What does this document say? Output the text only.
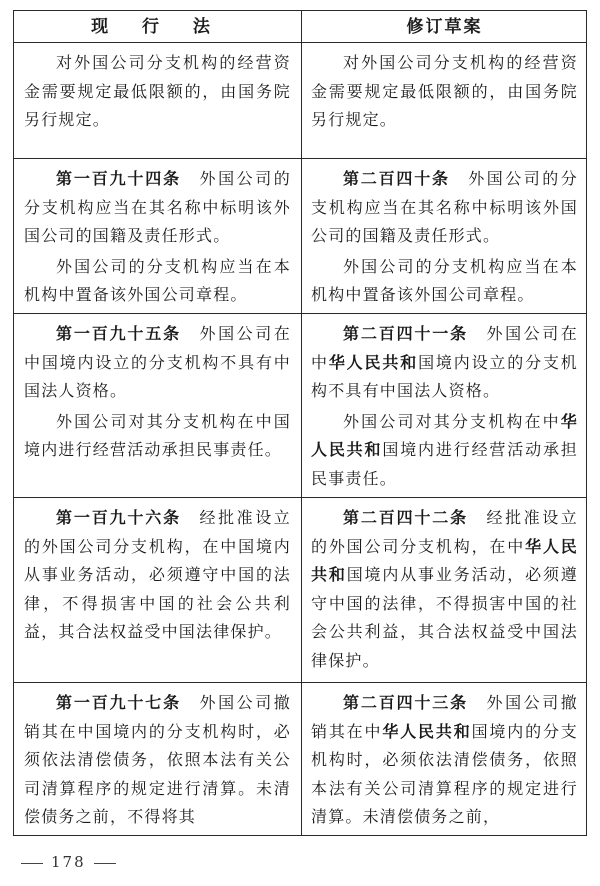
现 行 法	修订草案

对外国公司分支机构的经营资金需要规定最低限额的，由国务院另行规定。

对外国公司分支机构的经营资金需要规定最低限额的，由国务院另行规定。

第一百九十四条　外国公司的分支机构应当在其名称中标明该外国公司的国籍及责任形式。

外国公司的分支机构应当在本机构中置备该外国公司章程。

第二百四十条　外国公司的分支机构应当在其名称中标明该外国公司的国籍及责任形式。

外国公司的分支机构应当在本机构中置备该外国公司章程。

第一百九十五条　外国公司在中国境内设立的分支机构不具有中国法人资格。

外国公司对其分支机构在中国境内进行经营活动承担民事责任。

第二百四十一条　外国公司在中华人民共和国境内设立的分支机构不具有中国法人资格。

外国公司对其分支机构在中华人民共和国境内进行经营活动承担民事责任。

第一百九十六条　经批准设立的外国公司分支机构，在中国境内从事业务活动，必须遵守中国的法律，不得损害中国的社会公共利益，其合法权益受中国法律保护。

第二百四十二条　经批准设立的外国公司分支机构，在中华人民共和国境内从事业务活动，必须遵守中国的法律，不得损害中国的社会公共利益，其合法权益受中国法律保护。

第一百九十七条　外国公司撤销其在中国境内的分支机构时，必须依法清偿债务，依照本法有关公司清算程序的规定进行清算。未清偿债务之前，不得将其

第二百四十三条　外国公司撤销其在中华人民共和国境内的分支机构时，必须依法清偿债务，依照本法有关公司清算程序的规定进行清算。未清偿债务之前，

178
